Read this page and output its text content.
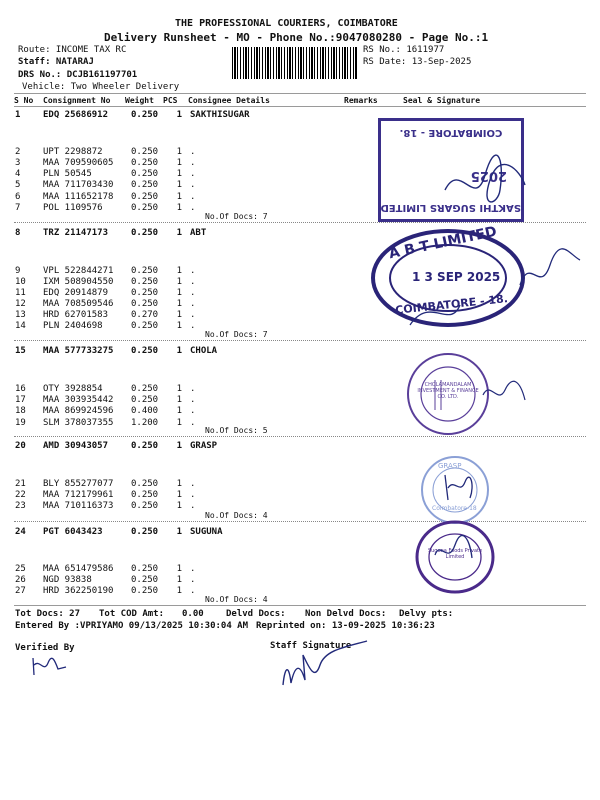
THE PROFESSIONAL COURIERS, COIMBATORE
Delivery Runsheet - MO - Phone No.:9047080280 - Page No.:1
Route: INCOME TAX RC
Staff: NATARAJ
DRS No.: DCJB161197701
Vehicle: Two Wheeler Delivery
RS No.: 1611977
RS Date: 13-Sep-2025
S No Consignment No Weight PCS Consignee Details	Remarks	Seal & Signature
1	EDQ 25686912	0.250	1 SAKTHISUGAR
2	UPT 2298872	0.250	1 .
3	MAA 709590605 0.250	1 .
4	PLN 50545	0.250	1 .
5	MAA 711703430 0.250	1 .
6	MAA 111652178 0.250	1 .
7	POL 1109576	0.250	1 .
8	TRZ 21147173	0.250	1 ABT
9	VPL 522844271 0.250	1 .
10 IXM 508904550 0.250	1 .
11 EDQ 20914879	0.250	1 .
12 MAA 708509546 0.250	1 .
13 HRD 62701583	0.270	1 .
14 PLN 2404698	0.250	1 .
15 MAA 577733275 0.250	1 CHOLA
16 OTY 3928854	0.250	1 .
17 MAA 303935442 0.250	1 .
18 MAA 869924596 0.400	1 .
19 SLM 378037355 1.200	1 .
20 AMD 30943057	0.250	1 GRASP
21 BLY 855277077 0.250	1 .
22 MAA 712179961 0.250	1 .
23 MAA 710116373 0.250	1 .
24 PGT 6043423	0.250	1 SUGUNA
25 MAA 651479586 0.250	1 .
26 NGD 93838	0.250	1 .
27 HRD 362250190 0.250	1 .
No.Of Docs: 7
No.Of Docs: 7
No.Of Docs: 5
No.Of Docs: 4
No.Of Docs: 4
SAKTHI SUGARS LIMITED
2025
COIMBATORE - 18.
A B T LIMITED
1 3 SEP 2025
COIMBATORE - 18.
CHOLAMANDALAM INVESTMENT & FINANCE CO. LTD.
GRASP
Coimbatore-18
Suguna Foods Private Limited
Tot Docs: 27 Tot COD Amt: 0.00 Delvd Docs: Non Delvd Docs: Delvy pts:
Entered By :VPRIYAMO 09/13/2025 10:30:04 AM Reprinted on: 13-09-2025 10:36:23
Verified By	Staff Signature
